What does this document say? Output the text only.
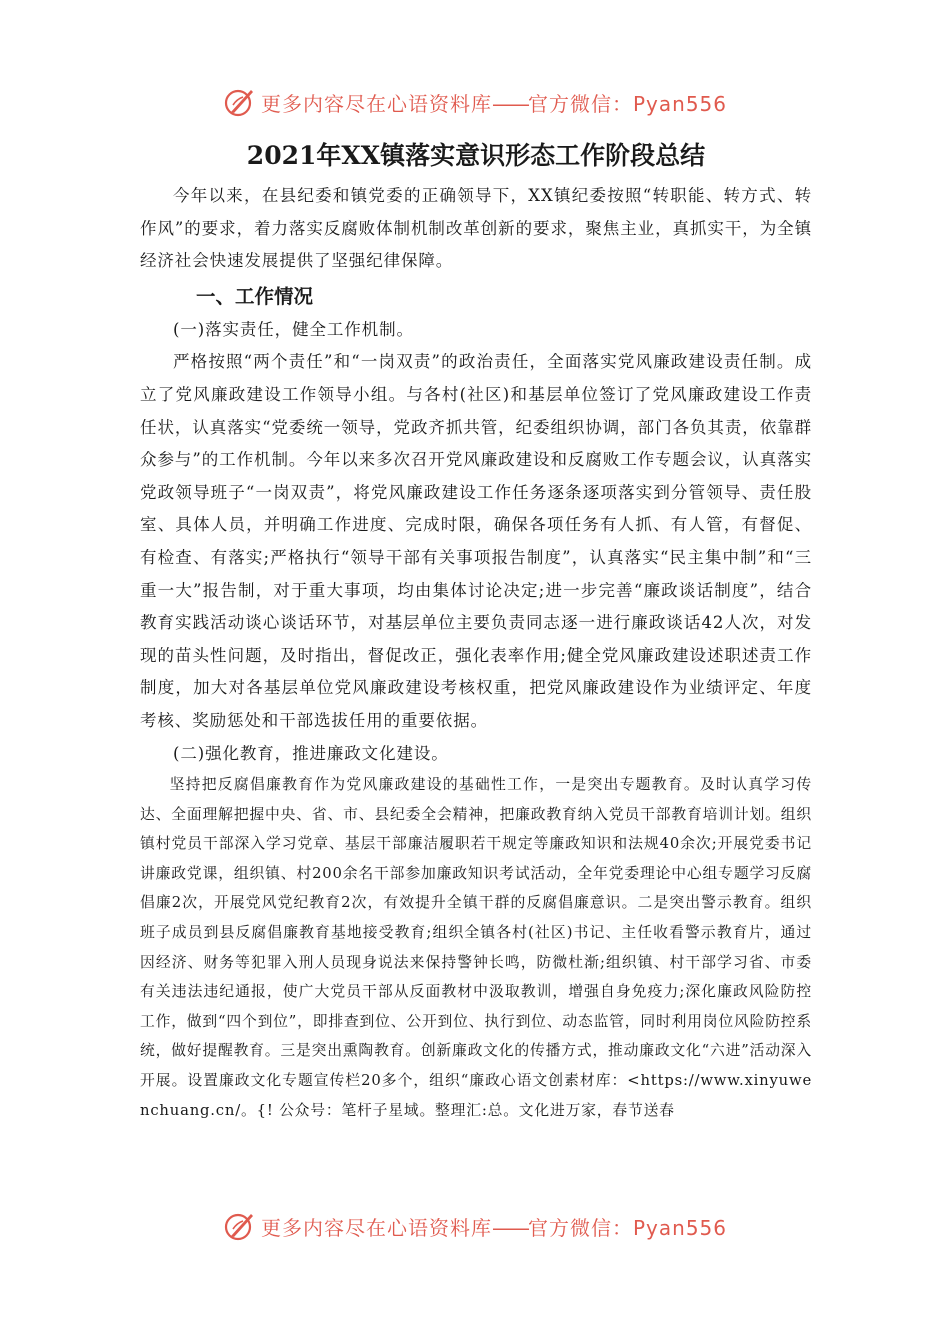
更多内容尽在心语资料库——官方微信：Pyan556
2021年XX镇落实意识形态工作阶段总结

今年以来，在县纪委和镇党委的正确领导下，XX镇纪委按照“转职能、转方式、转作风”的要求，着力落实反腐败体制机制改革创新的要求，聚焦主业，真抓实干，为全镇经济社会快速发展提供了坚强纪律保障。

一、工作情况

(一)落实责任，健全工作机制。

严格按照“两个责任”和“一岗双责”的政治责任，全面落实党风廉政建设责任制。成立了党风廉政建设工作领导小组。与各村(社区)和基层单位签订了党风廉政建设工作责任状，认真落实“党委统一领导，党政齐抓共管，纪委组织协调，部门各负其责，依靠群众参与”的工作机制。今年以来多次召开党风廉政建设和反腐败工作专题会议，认真落实党政领导班子“一岗双责”，将党风廉政建设工作任务逐条逐项落实到分管领导、责任股室、具体人员，并明确工作进度、完成时限，确保各项任务有人抓、有人管，有督促、有检查、有落实;严格执行“领导干部有关事项报告制度”，认真落实“民主集中制”和“三重一大”报告制，对于重大事项，均由集体讨论决定;进一步完善“廉政谈话制度”，结合教育实践活动谈心谈话环节，对基层单位主要负责同志逐一进行廉政谈话42人次，对发现的苗头性问题，及时指出，督促改正，强化表率作用;健全党风廉政建设述职述责工作制度，加大对各基层单位党风廉政建设考核权重，把党风廉政建设作为业绩评定、年度考核、奖励惩处和干部选拔任用的重要依据。

(二)强化教育，推进廉政文化建设。

坚持把反腐倡廉教育作为党风廉政建设的基础性工作，一是突出专题教育。及时认真学习传达、全面理解把握中央、省、市、县纪委全会精神，把廉政教育纳入党员干部教育培训计划。组织镇村党员干部深入学习党章、基层干部廉洁履职若干规定等廉政知识和法规40余次;开展党委书记讲廉政党课，组织镇、村200余名干部参加廉政知识考试活动，全年党委理论中心组专题学习反腐倡廉2次，开展党风党纪教育2次，有效提升全镇干群的反腐倡廉意识。二是突出警示教育。组织班子成员到县反腐倡廉教育基地接受教育;组织全镇各村(社区)书记、主任收看警示教育片，通过因经济、财务等犯罪入刑人员现身说法来保持警钟长鸣，防微杜渐;组织镇、村干部学习省、市委有关违法违纪通报，使广大党员干部从反面教材中汲取教训，增强自身免疫力;深化廉政风险防控工作，做到“四个到位”，即排查到位、公开到位、执行到位、动态监管，同时利用岗位风险防控系统，做好提醒教育。三是突出熏陶教育。创新廉政文化的传播方式，推动廉政文化“六进”活动深入开展。设置廉政文化专题宣传栏20多个，组织“廉政心语文创素材库：<https://www.xinyuwenchuang.cn/。{! 公众号：笔杆子星域。整理汇:总。文化进万家，春节送春

更多内容尽在心语资料库——官方微信：Pyan556
